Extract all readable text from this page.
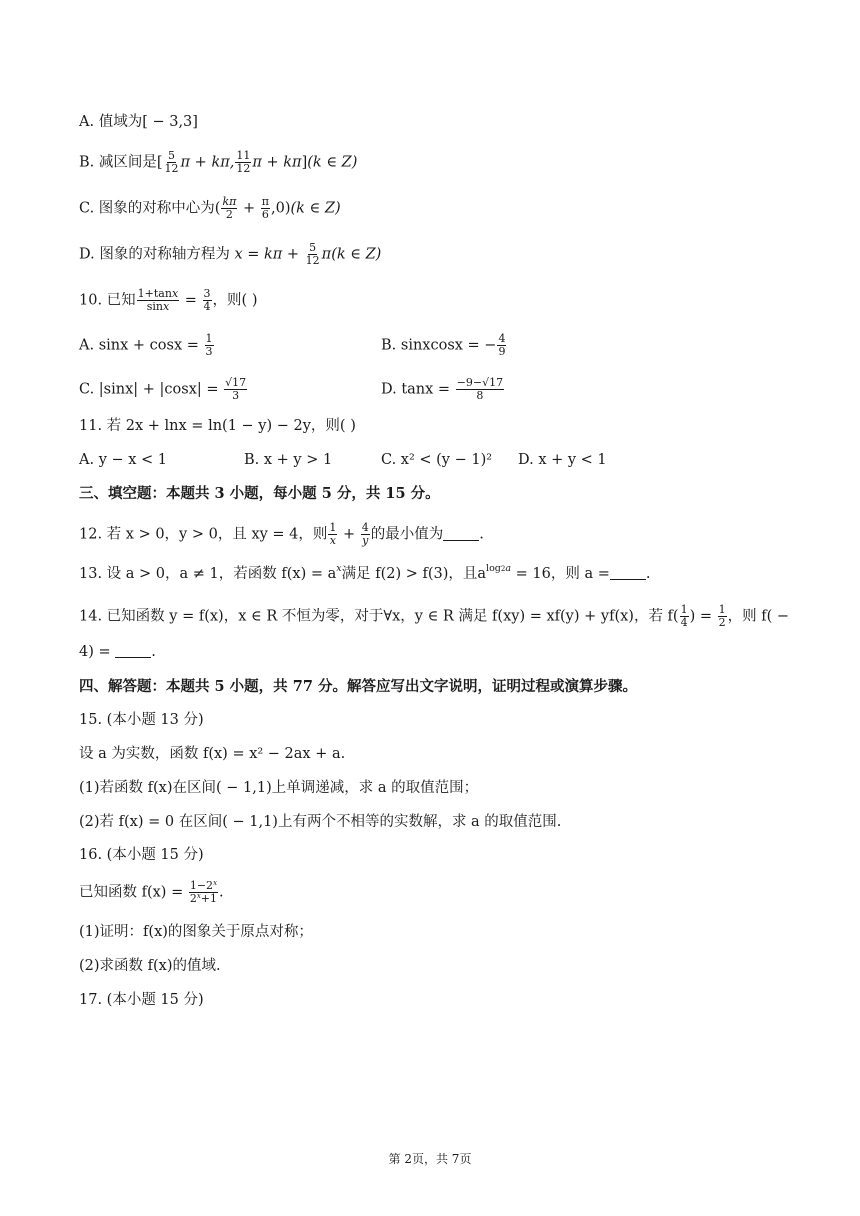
A. 值域为[ − 3,3]
B. 减区间是[ $\frac{5}{12}$ π + kπ, $\frac{11}{12}$ π + kπ](k ∈ Z)
C. 图象的对称中心为( $\frac{k\pi}{2} + \frac{\pi}{6} ,0)(k$ ∈ Z)
D. 图象的对称轴方程为 $x = k\pi + \frac{5}{12} \pi(k$ ∈ Z)
10. 已知 $\frac{1+\tan x}{\sin x} = \frac{3}{4}$ ，则( )
A. $\sin x + \cos x = \frac{1}{3}$	B. sinxcosx = − $\frac{4}{9}$
C. $|\sin x| + |\cos x| = \frac{√17}{3}$	D. $\tan x = \frac{-9-√17}{8}$
11. 若 2x + lnx = ln(1 − y) − 2y，则( )
A. y − x < 1	B. x + y > 1	C. x² < (y − 1)² D. x + y < 1
三、填空题：本题共 3 小题，每小题 5 分，共 15 分。
12. 若 x > 0，y > 0，且 xy = 4，则 $\frac{1}{x} + \frac{4}{y}$ 的最小值为 .
13. 设 a > 0，a ≠ 1，若函数 $f(x) = a^x$满足 f(2) > f(3)，且$a^{log2a} = 16$，则 a = .
14. 已知函数 y = f(x)，x ∈ R 不恒为零，对于∀x，y ∈ R 满足 f(xy) = xf(y) + yf(x)，若 $f( \frac{1}{4}$ ) = $\frac{1}{2}$ ，则 f( −
4) =	.
四、解答题：本题共 5 小题，共 77 分。解答应写出文字说明，证明过程或演算步骤。
15. (本小题 13 分)
设 a 为实数，函数 f(x) = x² − 2ax + a.
(1)若函数 f(x)在区间( − 1,1)上单调递减，求 a 的取值范围；
(2)若 f(x) = 0 在区间( − 1,1)上有两个不相等的实数解，求 a 的取值范围.
16. (本小题 15 分)
已知函数 $f(x) = \frac{1-2^x}{2^x+1}$ .
(1)证明：f(x)的图象关于原点对称；
(2)求函数 f(x)的值域.
17. (本小题 15 分)
第 2页，共 7页
